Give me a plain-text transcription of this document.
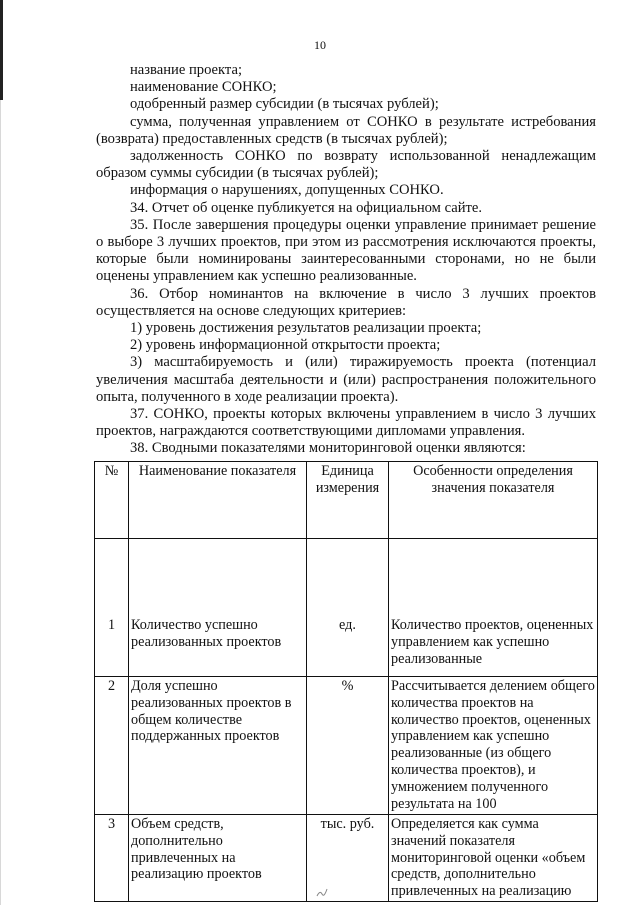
10

название проекта;

наименование СОНКО;

одобренный размер субсидии (в тысячах рублей);

сумма, полученная управлением от СОНКО в результате истребования (возврата) предоставленных средств (в тысячах рублей);

задолженность СОНКО по возврату использованной ненадлежащим образом суммы субсидии (в тысячах рублей);

информация о нарушениях, допущенных СОНКО.

34. Отчет об оценке публикуется на официальном сайте.

35. После завершения процедуры оценки управление принимает решение о выборе 3 лучших проектов, при этом из рассмотрения исключаются проекты, которые были номинированы заинтересованными сторонами, но не были оценены управлением как успешно реализованные.

36. Отбор номинантов на включение в число 3 лучших проектов осуществляется на основе следующих критериев:

1) уровень достижения результатов реализации проекта;

2) уровень информационной открытости проекта;

3) масштабируемость и (или) тиражируемость проекта (потенциал увеличения масштаба деятельности и (или) распространения положительного опыта, полученного в ходе реализации проекта).

37. СОНКО, проекты которых включены управлением в число 3 лучших проектов, награждаются соответствующими дипломами управления.

38. Сводными показателями мониторинговой оценки являются:

№	Наименование показателя	Единица измерения	Особенности определения значения показателя
1	Количество успешно реализованных проектов	ед.	Количество проектов, оцененных управлением как успешно реализованные
2	Доля успешно реализованных проектов в общем количестве поддержанных проектов	%	Рассчитывается делением общего количества проектов на количество проектов, оцененных управлением как успешно реализованные (из общего количества проектов), и умножением полученного результата на 100
3	Объем средств, дополнительно привлеченных на реализацию проектов	тыс. руб.	Определяется как сумма значений показателя мониторинговой оценки «объем средств, дополнительно привлеченных на реализацию
